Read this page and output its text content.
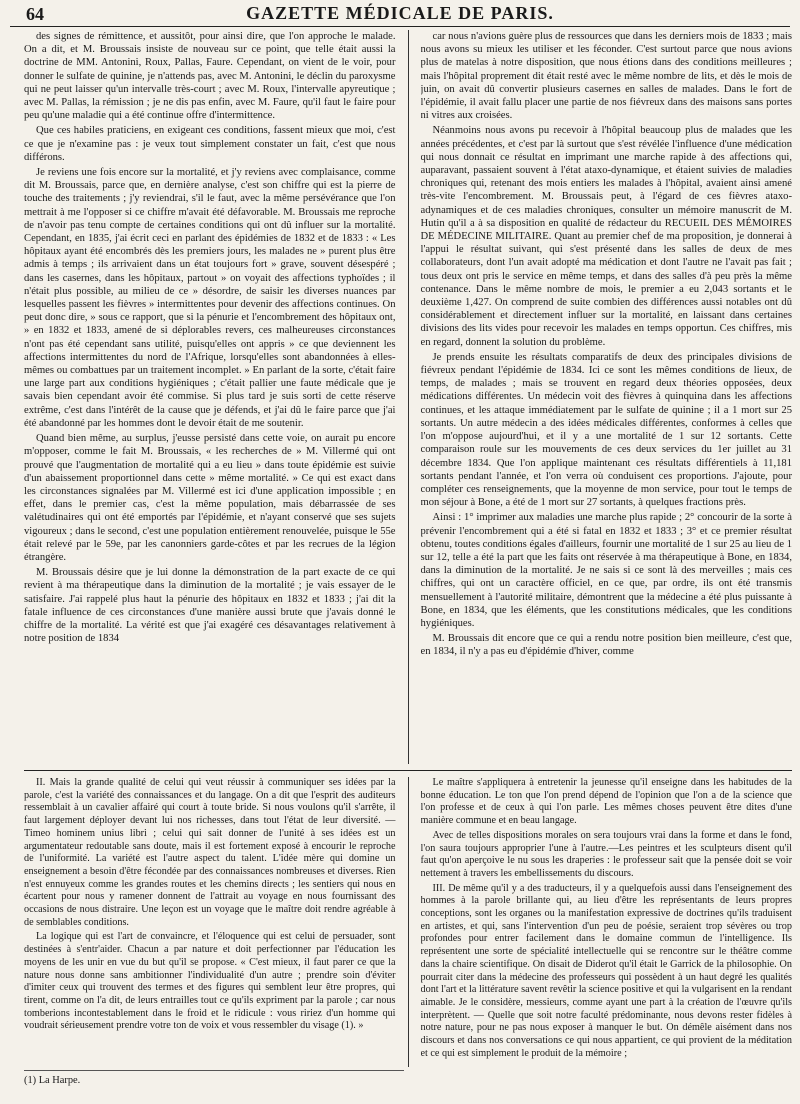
64	GAZETTE MÉDICALE DE PARIS.

des signes de rémittence, et aussitôt, pour ainsi dire, que l'on approche le malade. On a dit, et M. Broussais insiste de nouveau sur ce point, que telle était aussi la doctrine de MM. Antonini, Roux, Pallas, Faure. Cependant, on vient de le voir, pour donner le sulfate de quinine, je n'attends pas, avec M. Antonini, le déclin du paroxysme qui ne peut laisser qu'un intervalle très-court ; avec M. Roux, l'intervalle apyreutique ; avec M. Pallas, la rémission ; je ne dis pas enfin, avec M. Faure, qu'il faut le faire pour peu qu'une maladie qui a été continue offre d'intermittence.

Que ces habiles praticiens, en exigeant ces conditions, fassent mieux que moi, c'est ce que je n'examine pas : je veux tout simplement constater un fait, c'est que nous différons.

Je reviens une fois encore sur la mortalité, et j'y reviens avec complaisance, comme dit M. Broussais, parce que, en dernière analyse, c'est son chiffre qui est la pierre de touche des traitements ; j'y reviendrai, s'il le faut, avec la même persévérance que l'on mettrait à me l'opposer si ce chiffre m'avait été défavorable. M. Broussais me reproche de n'avoir pas tenu compte de certaines conditions qui ont dû influer sur la mortalité. Cependant, en 1835, j'ai écrit ceci en parlant des épidémies de 1832 et de 1833 : « Les hôpitaux ayant été encombrés dès les premiers jours, les malades ne » purent plus être admis à temps ; ils arrivaient dans un état toujours fort » grave, souvent désespéré ; dans les casernes, dans les hôpitaux, partout » on voyait des affections typhoïdes ; il n'était plus possible, au milieu de ce » désordre, de saisir les diverses nuances par lesquelles passent les fièvres » intermittentes pour devenir des affections continues. On peut donc dire, » sous ce rapport, que si la pénurie et l'encombrement des hôpitaux ont, » en 1832 et 1833, amené de si déplorables revers, ces malheureuses circonstances n'ont pas été cependant sans utilité, puisqu'elles ont appris » ce que deviennent les affections intermittentes du nord de l'Afrique, lorsqu'elles sont abandonnées à elles-mêmes ou combattues par un traitement incomplet. » En parlant de la sorte, c'était faire une large part aux conditions hygiéniques ; c'était pallier une faute médicale que je savais bien cependant avoir été commise. Si plus tard je suis sorti de cette réserve extrême, c'est dans l'intérêt de la cause que je défends, et j'ai dû le faire parce que j'ai été abandonné par les hommes dont le devoir était de me soutenir.

Quand bien même, au surplus, j'eusse persisté dans cette voie, on aurait pu encore m'opposer, comme le fait M. Broussais, « les recherches de » M. Villermé qui ont prouvé que l'augmentation de mortalité qui a eu lieu » dans toute épidémie est suivie d'un abaissement proportionnel dans cette » même mortalité. » Ce qui est exact dans les circonstances signalées par M. Villermé est ici d'une application impossible ; en effet, dans le premier cas, c'est la même population, mais débarrassée de ses valétudinaires qui ont été emportés par l'épidémie, et n'ayant conservé que ses sujets vigoureux ; dans le second, c'est une population entièrement renouvelée, puisque le 55e était relevé par le 59e, par les canonniers garde-côtes et par les recrues de la légion étrangère.

M. Broussais désire que je lui donne la démonstration de la part exacte de ce qui revient à ma thérapeutique dans la diminution de la mortalité ; je vais essayer de le satisfaire. J'ai rappelé plus haut la pénurie des hôpitaux en 1832 et 1833 ; j'ai dit la fatale influence de ces circonstances d'une manière aussi brute que j'avais donné le chiffre de la mortalité. La vérité est que j'ai exagéré ces désavantages relativement à notre position de 1834

car nous n'avions guère plus de ressources que dans les derniers mois de 1833 ; mais nous avons su mieux les utiliser et les féconder. C'est surtout parce que nous avions plus de matelas à notre disposition, que nous étions dans des conditions meilleures ; mais l'hôpital proprement dit était resté avec le même nombre de lits, et dès le mois de juin, on avait dû convertir plusieurs casernes en salles de malades. Dans le fort de l'épidémie, il avait fallu placer une partie de nos fiévreux dans des maisons sans portes ni vitres aux croisées.

Néanmoins nous avons pu recevoir à l'hôpital beaucoup plus de malades que les années précédentes, et c'est par là surtout que s'est révélée l'influence d'une médication qui nous donnait ce résultat en imprimant une marche rapide à des affections qui, auparavant, passaient souvent à l'état ataxo-dynamique, et étaient suivies de maladies chroniques qui, retenant des mois entiers les malades à l'hôpital, avaient ainsi amené très-vite l'encombrement. M. Broussais peut, à l'égard de ces fièvres ataxo-adynamiques et de ces maladies chroniques, consulter un mémoire manuscrit de M. Hutin qu'il a à sa disposition en qualité de rédacteur du RECUEIL DES MÉMOIRES DE MÉDECINE MILITAIRE. Quant au premier chef de ma proposition, je donnerai à l'appui le résultat suivant, qui s'est présenté dans les salles de deux de mes collaborateurs, dont l'un avait adopté ma médication et dont l'autre ne l'avait pas fait ; tous deux ont pris le service en même temps, et dans des salles d'à peu près la même contenance. Dans le même nombre de mois, le premier a eu 2,043 sortants et le deuxième 1,427. On comprend de suite combien des différences aussi notables ont dû considérablement et directement influer sur la mortalité, en laissant dans certaines divisions des lits vides pour recevoir les malades en temps opportun. Ces chiffres, mis en regard, donnent la solution du problème.

Je prends ensuite les résultats comparatifs de deux des principales divisions de fiévreux pendant l'épidémie de 1834. Ici ce sont les mêmes conditions de lieux, de temps, de malades ; mais se trouvent en regard deux théories opposées, deux médications différentes. Un médecin voit des fièvres à quinquina dans les affections continues, et les attaque immédiatement par le sulfate de quinine ; il a 1 mort sur 25 sortants. Un autre médecin a des idées médicales différentes, conformes à celles que l'on m'oppose aujourd'hui, et il y a une mortalité de 1 sur 12 sortants. Cette comparaison roule sur les mouvements de ces deux services du 1er juillet au 31 décembre 1834. Que l'on applique maintenant ces résultats différentiels à 11,181 sortants pendant l'année, et l'on verra où conduisent ces proportions. J'ajoute, pour compléter ces renseignements, que la moyenne de mon service, pour tout le temps de mon séjour à Bone, a été de 1 mort sur 27 sortants, à quelques fractions près.

Ainsi : 1° imprimer aux maladies une marche plus rapide ; 2° concourir de la sorte à prévenir l'encombrement qui a été si fatal en 1832 et 1833 ; 3° et ce premier résultat obtenu, toutes conditions égales d'ailleurs, fournir une mortalité de 1 sur 25 au lieu de 1 sur 12, telle a été la part que les faits ont réservée à ma thérapeutique à Bone, en 1834, dans la diminution de la mortalité. Je ne sais si ce sont là des merveilles ; mais ces chiffres, qui ont un caractère officiel, en ce que, par ordre, ils ont été transmis mensuellement à l'autorité militaire, démontrent que la médecine a été plus puissante à Bone, en 1834, que les éléments, que les constitutions médicales, que les conditions hygiéniques.

M. Broussais dit encore que ce qui a rendu notre position bien meilleure, c'est que, en 1834, il n'y a pas eu d'épidémie d'hiver, comme

II. Mais la grande qualité de celui qui veut réussir à communiquer ses idées par la parole, c'est la variété des connaissances et du langage. On a dit que l'esprit des auditeurs ressemblait à un cavalier affairé qui court à toute bride. Si nous voulons qu'il s'arrête, il faut largement déployer devant lui nos richesses, dans tout l'état de leur diversité. — Timeo hominem unius libri ; celui qui sait donner de l'unité à ses idées est un argumentateur redoutable sans doute, mais il est fortement exposé à encourir le reproche de l'uniformité. La variété est l'autre aspect du talent. L'idée mère qui domine un enseignement a besoin d'être fécondée par des connaissances nombreuses et diverses. Rien n'est ennuyeux comme les grandes routes et les chemins directs ; les sentiers qui nous en écartent pour nous y ramener donnent de l'attrait au voyage en nous fournissant des occasions de nous distraire. Une leçon est un voyage que le maître doit rendre agréable à de semblables conditions.

La logique qui est l'art de convaincre, et l'éloquence qui est celui de persuader, sont destinées à s'entr'aider. Chacun a par nature et doit perfectionner par l'éducation les moyens de les unir en vue du but qu'il se propose. « C'est mieux, il faut parer ce que la nature nous donne sans ambitionner l'individualité d'un autre ; prendre soin d'éviter d'imiter ceux qui trouvent des termes et des figures qui semblent leur être propres, qui tirent, comme on l'a dit, de leurs entrailles tout ce qu'ils expriment par la parole ; car nous tomberions incontestablement dans le froid et le ridicule : vous ririez d'un homme qui voudrait sérieusement prendre votre ton de voix et vous ressembler du visage (1). »

Le maître s'appliquera à entretenir la jeunesse qu'il enseigne dans les habitudes de la bonne éducation. Le ton que l'on prend dépend de l'opinion que l'on a de la science que l'on professe et de ceux à qui l'on parle. Les mêmes choses peuvent être dites d'une manière commune et en beau langage.

Avec de telles dispositions morales on sera toujours vrai dans la forme et dans le fond, l'on saura toujours approprier l'une à l'autre.—Les peintres et les sculpteurs disent qu'il faut qu'on aperçoive le nu sous les draperies : le professeur sait que la pensée doit se voir nettement à travers les embellissements du discours.

III. De même qu'il y a des traducteurs, il y a quelquefois aussi dans l'enseignement des hommes à la parole brillante qui, au lieu d'être les représentants de leurs propres conceptions, sont les organes ou la manifestation expressive de doctrines qu'ils traduisent en artistes, et qui, sans l'intervention d'un peu de poésie, seraient trop sévères ou trop profondes pour entrer facilement dans le domaine commun de l'intelligence. Ils représentent une sorte de spécialité intellectuelle qui se rencontre sur le théâtre comme dans la chaire scientifique. On disait de Diderot qu'il était le Garrick de la philosophie. On pourrait citer dans la médecine des professeurs qui possèdent à un haut degré les qualités dont l'art et la littérature savent revêtir la science positive et qui la vulgarisent en la rendant aimable. Je le considère, messieurs, comme ayant une part à la création de l'œuvre qu'ils interprètent. — Quelle que soit notre faculté prédominante, nous devons rester fidèles à notre nature, pour ne pas nous exposer à manquer le but. On démêle aisément dans nos discours et dans nos conversations ce qui nous appartient, ce qui provient de la méditation et ce qui est simplement le produit de la mémoire ;

(1) La Harpe.
